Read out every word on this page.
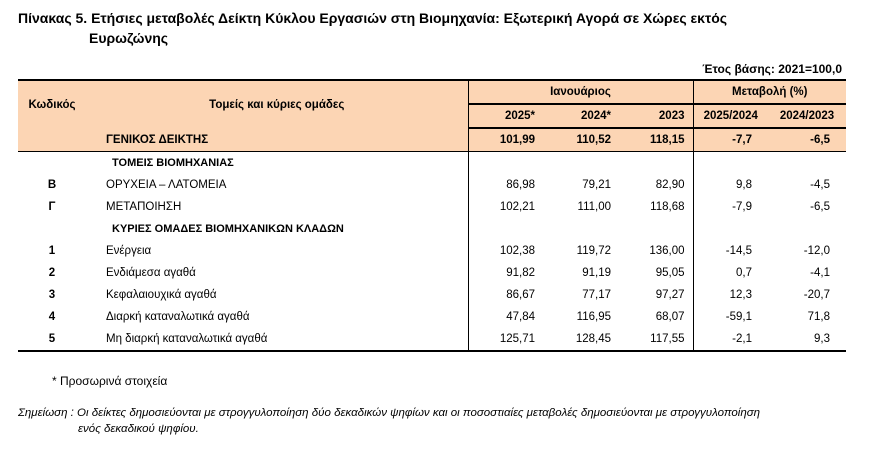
Πίνακας 5. Ετήσιες μεταβολές Δείκτη Κύκλου Εργασιών στη Βιομηχανία: Εξωτερική Αγορά σε Χώρες εκτός
Ευρωζώνης
Έτος βάσης: 2021=100,0
Κωδικός	Τομείς και κύριες ομάδες	Ιανουάριος			Μεταβολή (%)	
		2025*	2024*	2023	2025/2024	2024/2023
	ΓΕΝΙΚΟΣ ΔΕΙΚΤΗΣ	101,99	110,52	118,15	-7,7	-6,5
	ΤΟΜΕΙΣ ΒΙΟΜΗΧΑΝΙΑΣ					
B	ΟΡΥΧΕΙΑ – ΛΑΤΟΜΕΙΑ	86,98	79,21	82,90	9,8	-4,5
Γ	ΜΕΤΑΠΟΙΗΣΗ	102,21	111,00	118,68	-7,9	-6,5
	ΚΥΡΙΕΣ ΟΜΑΔΕΣ ΒΙΟΜΗΧΑΝΙΚΩΝ ΚΛΑΔΩΝ					
1	Ενέργεια	102,38	119,72	136,00	-14,5	-12,0
2	Ενδιάμεσα αγαθά	91,82	91,19	95,05	0,7	-4,1
3	Κεφαλαιουχικά αγαθά	86,67	77,17	97,27	12,3	-20,7
4	Διαρκή καταναλωτικά αγαθά	47,84	116,95	68,07	-59,1	71,8
5	Μη διαρκή καταναλωτικά αγαθά	125,71	128,45	117,55	-2,1	9,3
* Προσωρινά στοιχεία
Σημείωση : Οι δείκτες δημοσιεύονται με στρογγυλοποίηση δύο δεκαδικών ψηφίων και οι ποσοστιαίες μεταβολές δημοσιεύονται με στρογγυλοποίηση
ενός δεκαδικού ψηφίου.
